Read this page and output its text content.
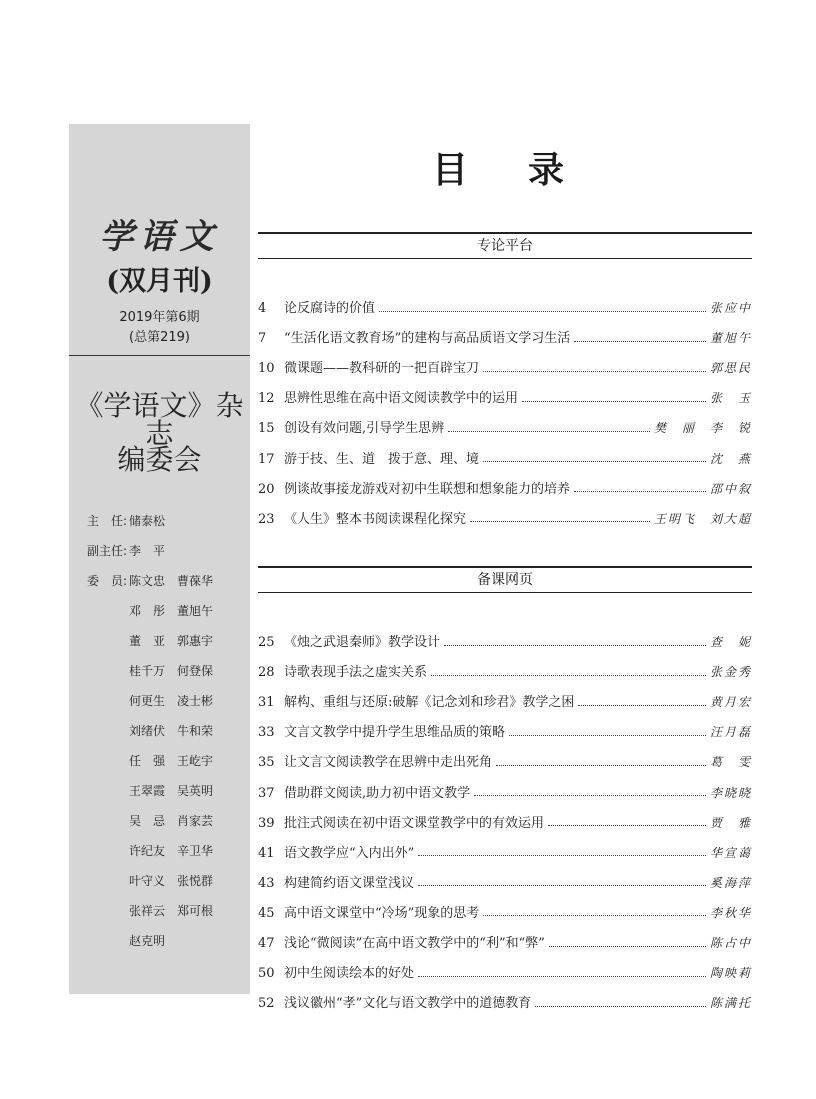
学语文
(双月刊)
2019年第6期
(总第219)
《学语文》杂志
编委会
主　任: 储泰松
副主任: 李　平
委　员: 陈文忠 曹葆华
邓　彤 董旭午
董　亚 郭惠宇
桂千万 何登保
何更生 凌士彬
刘绪伏 牛和荣
任　强 王屹宇
王翠霞 吴英明
吴　忌 肖家芸
许纪友 辛卫华
叶守义 张悦群
张祥云 郑可根
赵克明
目录
专论平台
4	论反腐诗的价值	张应中
7	“生活化语文教育场”的建构与高品质语文学习生活	董旭午
10 微课题——教科研的一把百辟宝刀	郭思民
12 思辨性思维在高中语文阅读教学中的运用	张　玉
15 创设有效问题,引导学生思辨	樊　丽　李　锐
17 游于技、生、道　拨于意、理、境	沈　燕
20 例谈故事接龙游戏对初中生联想和想象能力的培养	邵中叙
23 《人生》整本书阅读课程化探究	王明飞　刘大超
备课网页
25 《烛之武退秦师》教学设计	查　妮
28 诗歌表现手法之虚实关系	张金秀
31 解构、重组与还原:破解《记念刘和珍君》教学之困	黄月宏
33 文言文教学中提升学生思维品质的策略	汪月磊
35 让文言文阅读教学在思辨中走出死角	葛　雯
37 借助群文阅读,助力初中语文教学	李晓晓
39 批注式阅读在初中语文课堂教学中的有效运用	贾　雅
41 语文教学应“入内出外”	华宣蔼
43 构建简约语文课堂浅议	奚海萍
45 高中语文课堂中“冷场”现象的思考	李秋华
47 浅论“微阅读”在高中语文教学中的“利”和“弊”	陈占中
50 初中生阅读绘本的好处	陶映莉
52 浅议徽州“孝”文化与语文教学中的道德教育	陈满托
